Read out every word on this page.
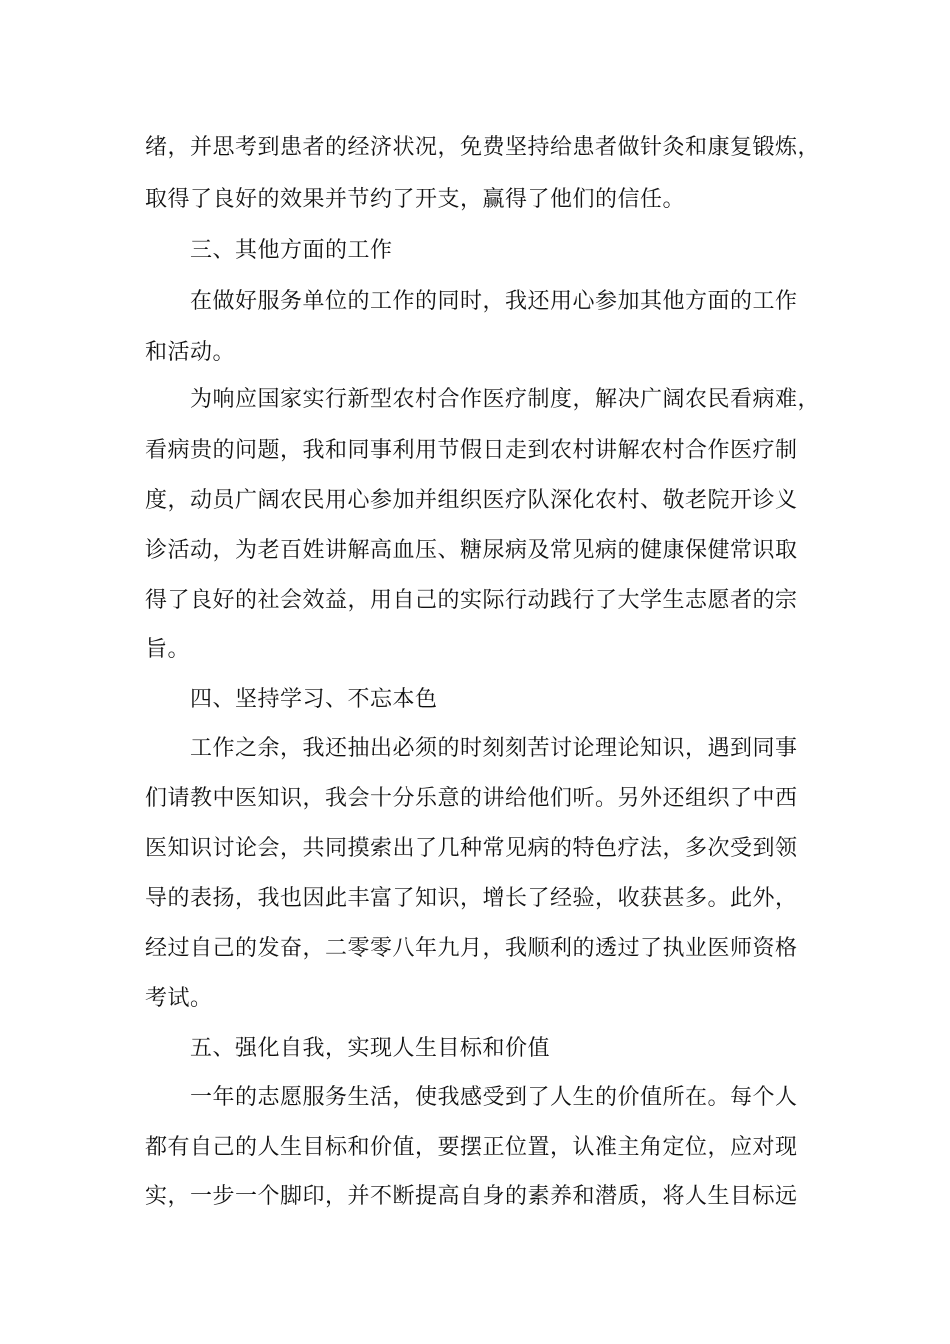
绪，并思考到患者的经济状况，免费坚持给患者做针灸和康复锻炼，
取得了良好的效果并节约了开支，赢得了他们的信任。
三、其他方面的工作
在做好服务单位的工作的同时，我还用心参加其他方面的工作
和活动。
为响应国家实行新型农村合作医疗制度，解决广阔农民看病难，
看病贵的问题，我和同事利用节假日走到农村讲解农村合作医疗制
度，动员广阔农民用心参加并组织医疗队深化农村、敬老院开诊义
诊活动，为老百姓讲解高血压、糖尿病及常见病的健康保健常识取
得了良好的社会效益，用自己的实际行动践行了大学生志愿者的宗
旨。
四、坚持学习、不忘本色
工作之余，我还抽出必须的时刻刻苦讨论理论知识，遇到同事
们请教中医知识，我会十分乐意的讲给他们听。另外还组织了中西
医知识讨论会，共同摸索出了几种常见病的特色疗法，多次受到领
导的表扬，我也因此丰富了知识，增长了经验，收获甚多。此外，
经过自己的发奋，二零零八年九月，我顺利的透过了执业医师资格
考试。
五、强化自我，实现人生目标和价值
一年的志愿服务生活，使我感受到了人生的价值所在。每个人
都有自己的人生目标和价值，要摆正位置，认准主角定位，应对现
实，一步一个脚印，并不断提高自身的素养和潜质，将人生目标远
